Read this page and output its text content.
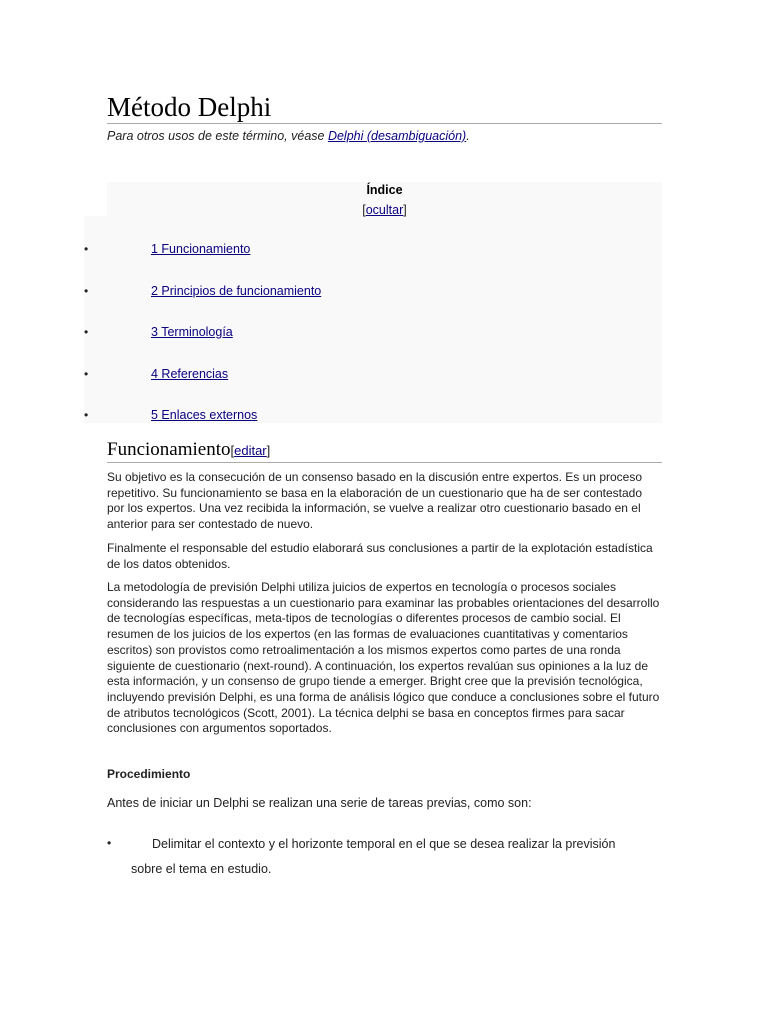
Método Delphi
Para otros usos de este término, véase Delphi (desambiguación).
Índice
[ocultar]
•	1 Funcionamiento
•	2 Principios de funcionamiento
•	3 Terminología
•	4 Referencias
•	5 Enlaces externos
Funcionamiento[editar]

Su objetivo es la consecución de un consenso basado en la discusión entre expertos. Es un proceso repetitivo. Su funcionamiento se basa en la elaboración de un cuestionario que ha de ser contestado por los expertos. Una vez recibida la información, se vuelve a realizar otro cuestionario basado en el anterior para ser contestado de nuevo.

Finalmente el responsable del estudio elaborará sus conclusiones a partir de la explotación estadística de los datos obtenidos.

La metodología de previsión Delphi utiliza juicios de expertos en tecnología o procesos sociales considerando las respuestas a un cuestionario para examinar las probables orientaciones del desarrollo de tecnologías específicas, meta-tipos de tecnologías o diferentes procesos de cambio social. El resumen de los juicios de los expertos (en las formas de evaluaciones cuantitativas y comentarios escritos) son provistos como retroalimentación a los mismos expertos como partes de una ronda siguiente de cuestionario (next-round). A continuación, los expertos revalúan sus opiniones a la luz de esta información, y un consenso de grupo tiende a emerger. Bright cree que la previsión tecnológica, incluyendo previsión Delphi, es una forma de análisis lógico que conduce a conclusiones sobre el futuro de atributos tecnológicos (Scott, 2001). La técnica delphi se basa en conceptos firmes para sacar conclusiones con argumentos soportados.

Procedimiento
Antes de iniciar un Delphi se realizan una serie de tareas previas, como son:
•	Delimitar el contexto y el horizonte temporal en el que se desea realizar la previsión
sobre el tema en estudio.
